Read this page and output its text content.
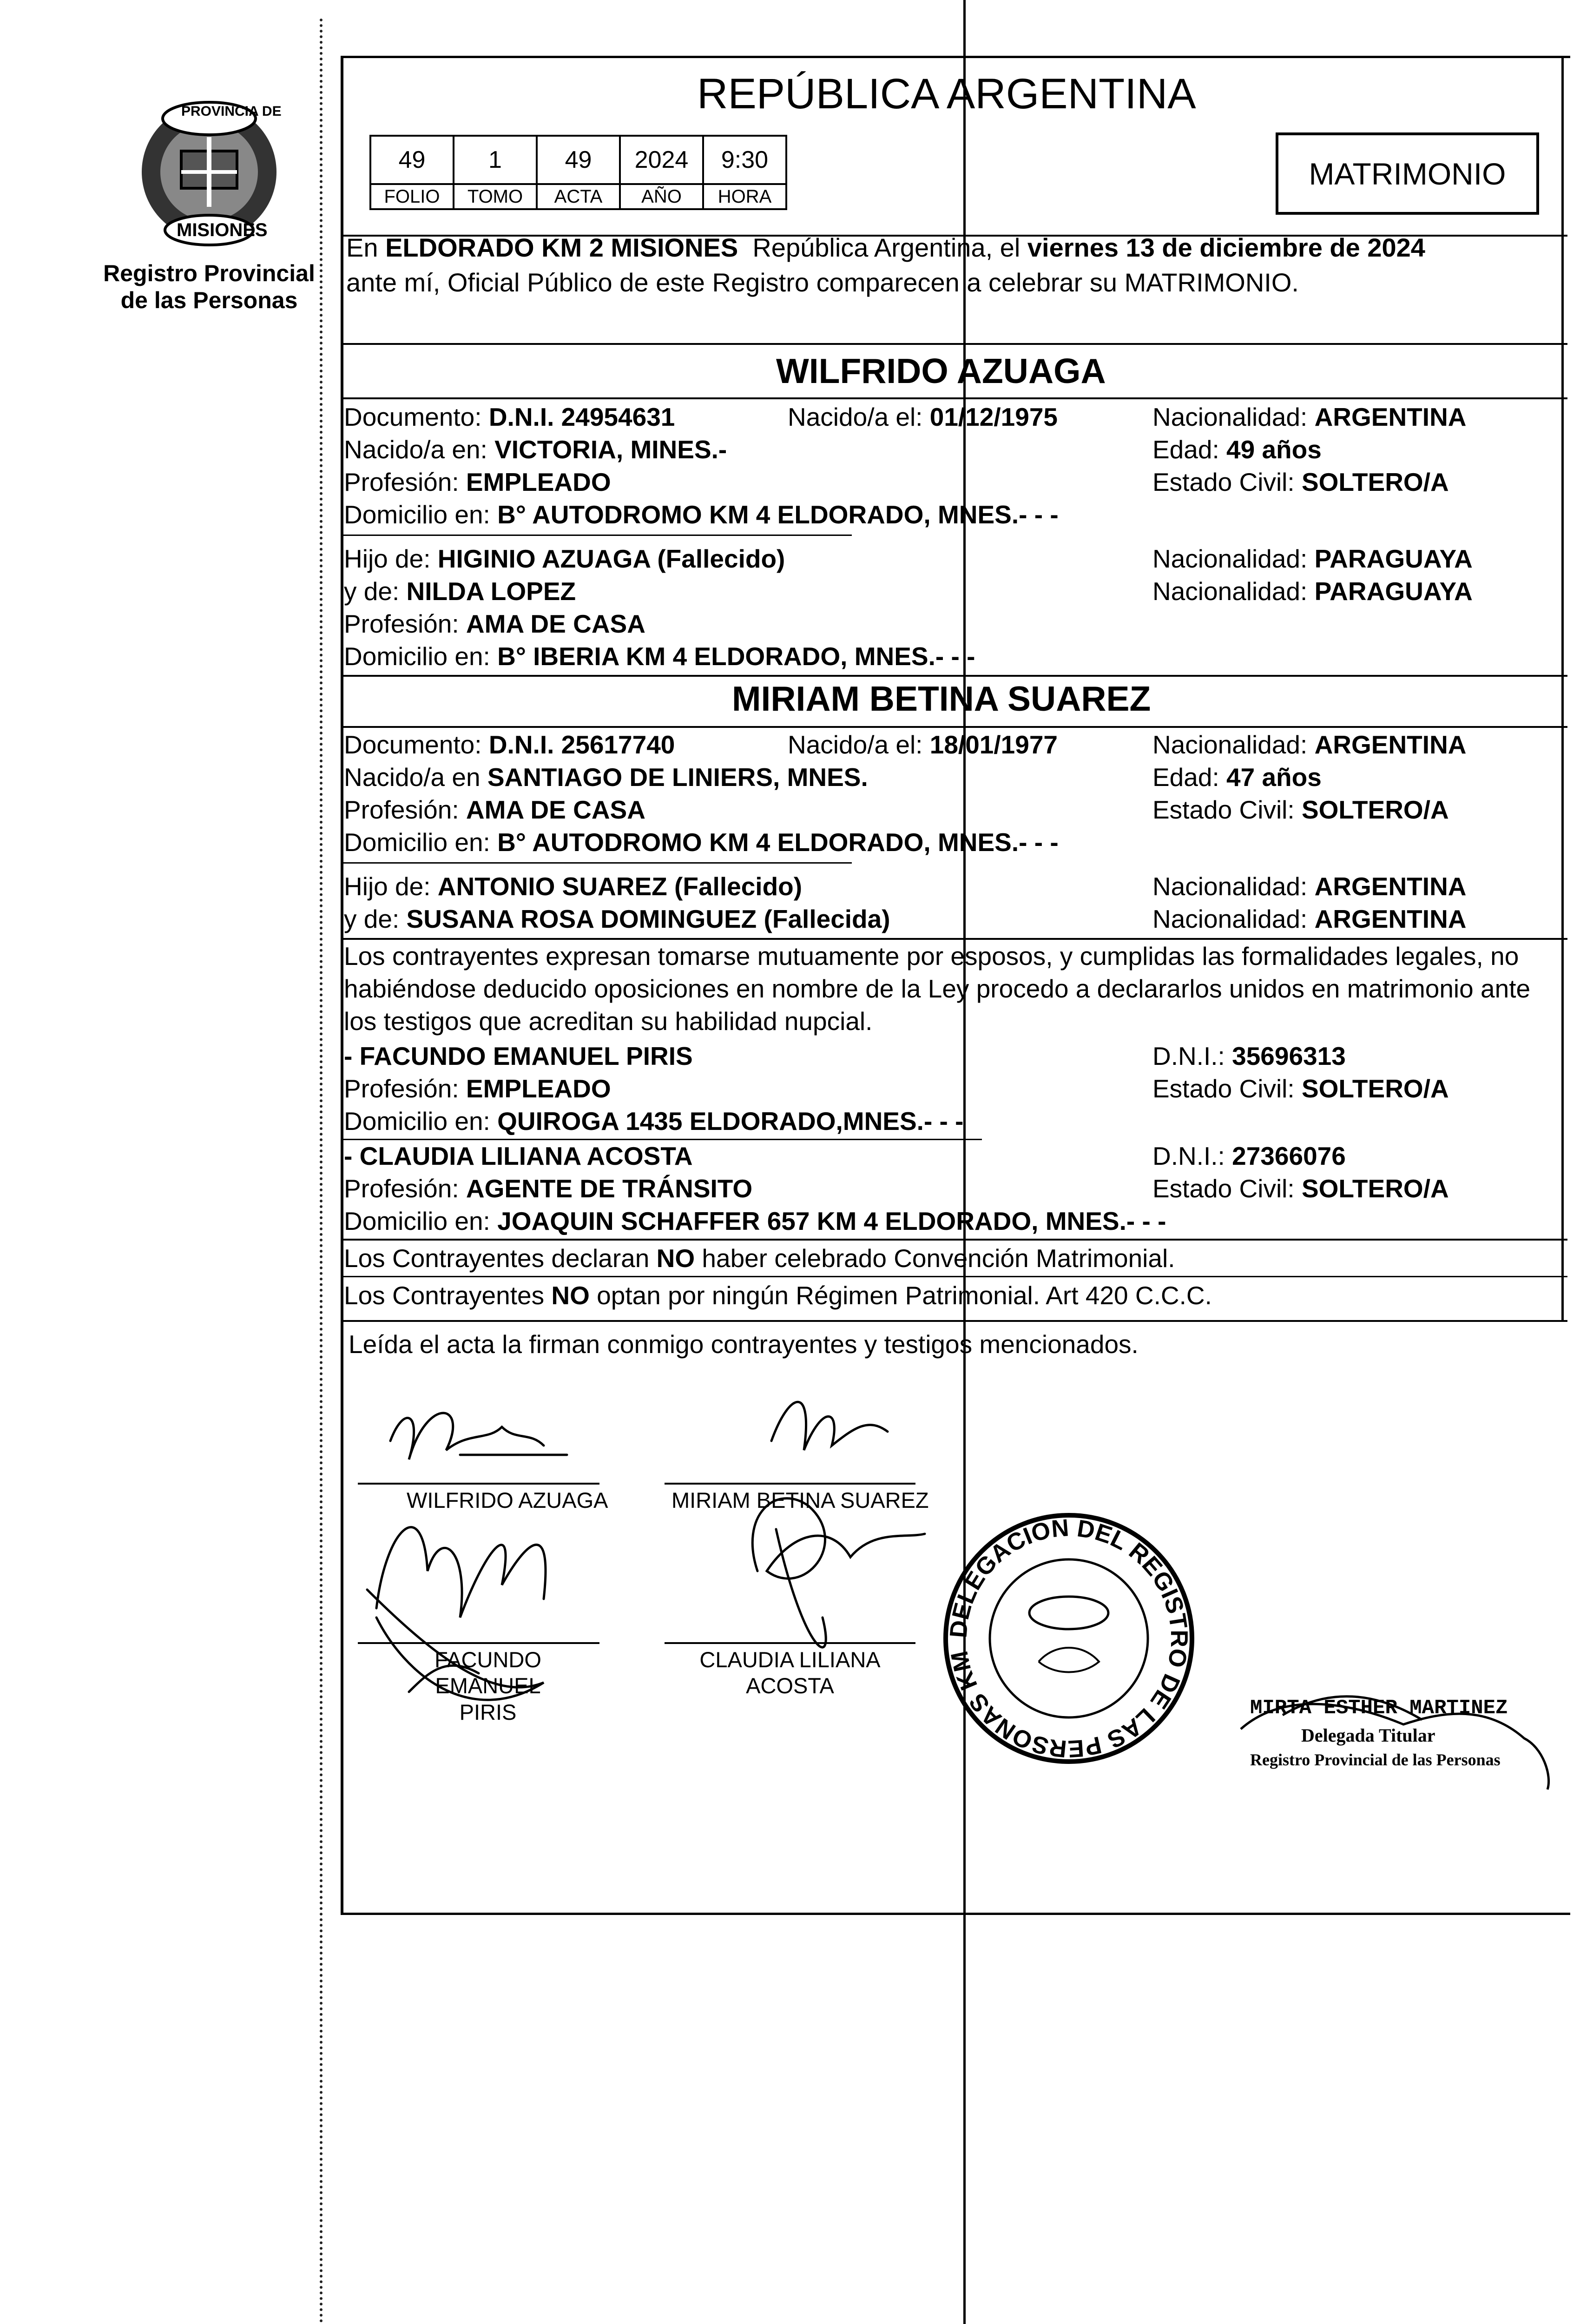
PROVINCIA DE
MISIONES
Registro Provincial
de las Personas
REPÚBLICA ARGENTINA
49	1	49	2024	9:30
FOLIO	TOMO	ACTA	AÑO	HORA
MATRIMONIO
En ELDORADO KM 2 MISIONES  República Argentina, el viernes 13 de diciembre de 2024
ante mí, Oficial Público de este Registro comparecen a celebrar su MATRIMONIO.
WILFRIDO AZUAGA
Documento: D.N.I. 24954631	Nacido/a el: 01/12/1975	Nacionalidad: ARGENTINA
Nacido/a en: VICTORIA, MINES.-	Edad: 49 años
Profesión: EMPLEADO	Estado Civil: SOLTERO/A
Domicilio en: B° AUTODROMO KM 4 ELDORADO, MNES.- - -
Hijo de: HIGINIO AZUAGA (Fallecido)	Nacionalidad: PARAGUAYA
y de: NILDA LOPEZ	Nacionalidad: PARAGUAYA
Profesión: AMA DE CASA
Domicilio en: B° IBERIA KM 4 ELDORADO, MNES.- - -
MIRIAM BETINA SUAREZ
Documento: D.N.I. 25617740	Nacido/a el: 18/01/1977	Nacionalidad: ARGENTINA
Nacido/a en SANTIAGO DE LINIERS, MNES.	Edad: 47 años
Profesión: AMA DE CASA	Estado Civil: SOLTERO/A
Domicilio en: B° AUTODROMO KM 4 ELDORADO, MNES.- - -
Hijo de: ANTONIO SUAREZ (Fallecido)	Nacionalidad: ARGENTINA
y de: SUSANA ROSA DOMINGUEZ (Fallecida)	Nacionalidad: ARGENTINA
Los contrayentes expresan tomarse mutuamente por esposos, y cumplidas las formalidades legales, no
habiéndose deducido oposiciones en nombre de la Ley procedo a declararlos unidos en matrimonio ante
los testigos que acreditan su habilidad nupcial.
- FACUNDO EMANUEL PIRIS	D.N.I.: 35696313
Profesión: EMPLEADO	Estado Civil: SOLTERO/A
Domicilio en: QUIROGA 1435 ELDORADO,MNES.- - -
- CLAUDIA LILIANA ACOSTA	D.N.I.: 27366076
Profesión: AGENTE DE TRÁNSITO	Estado Civil: SOLTERO/A
Domicilio en: JOAQUIN SCHAFFER 657 KM 4 ELDORADO, MNES.- - -
Los Contrayentes declaran NO haber celebrado Convención Matrimonial.
Los Contrayentes NO optan por ningún Régimen Patrimonial. Art 420 C.C.C.
Leída el acta la firman conmigo contrayentes y testigos mencionados.
WILFRIDO AZUAGA	MIRIAM BETINA SUAREZ
FACUNDO EMANUEL
PIRIS
CLAUDIA LILIANA
ACOSTA
DELEGACION DEL REGISTRO DE LAS PERSONAS KM
MIRTA ESTHER MARTINEZ
Delegada Titular
Registro Provincial de las Personas
